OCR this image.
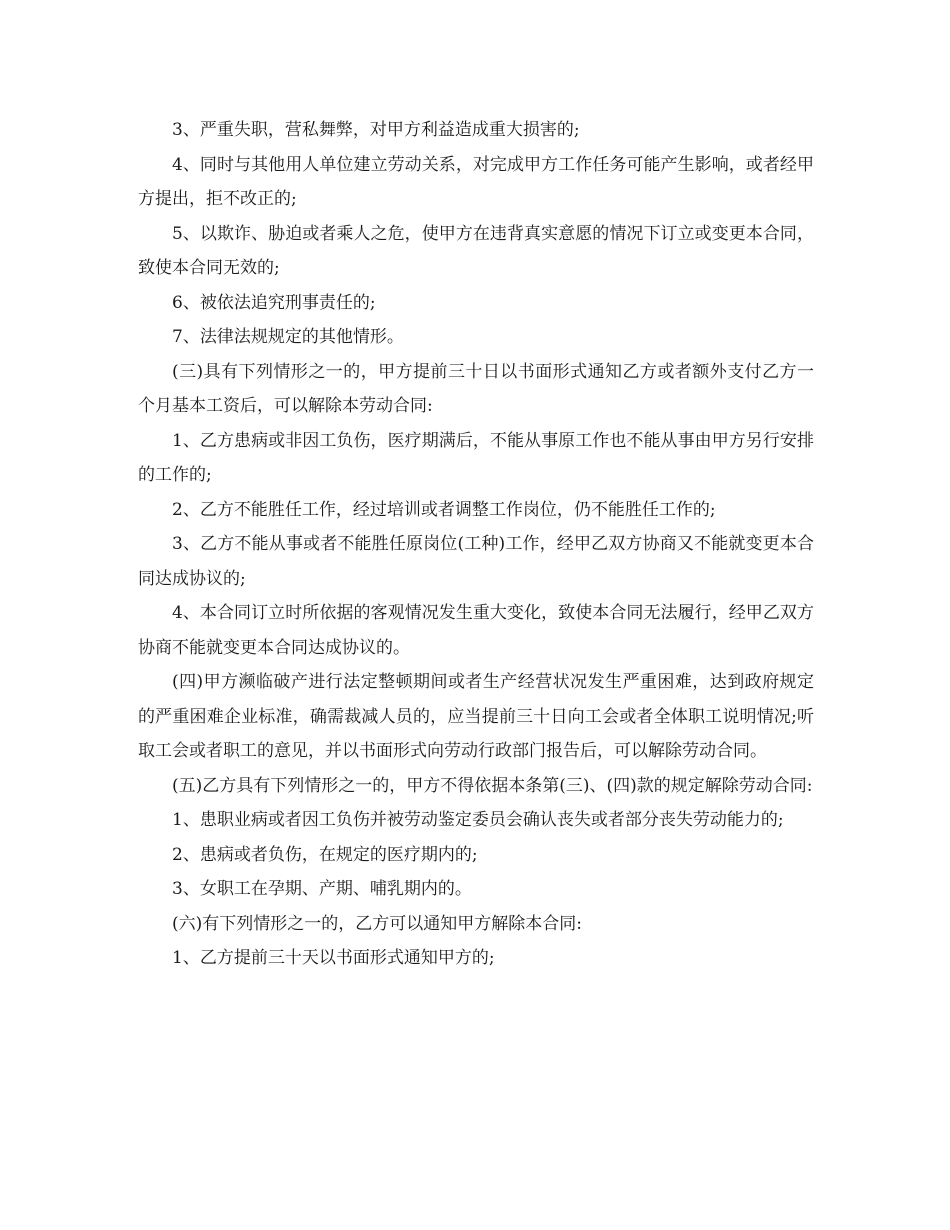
3、严重失职，营私舞弊，对甲方利益造成重大损害的;

4、同时与其他用人单位建立劳动关系，对完成甲方工作任务可能产生影响，或者经甲方提出，拒不改正的;

5、以欺诈、胁迫或者乘人之危，使甲方在违背真实意愿的情况下订立或变更本合同，致使本合同无效的;

6、被依法追究刑事责任的;

7、法律法规规定的其他情形。

(三)具有下列情形之一的，甲方提前三十日以书面形式通知乙方或者额外支付乙方一个月基本工资后，可以解除本劳动合同:

1、乙方患病或非因工负伤，医疗期满后，不能从事原工作也不能从事由甲方另行安排的工作的;

2、乙方不能胜任工作，经过培训或者调整工作岗位，仍不能胜任工作的;

3、乙方不能从事或者不能胜任原岗位(工种)工作，经甲乙双方协商又不能就变更本合同达成协议的;

4、本合同订立时所依据的客观情况发生重大变化，致使本合同无法履行，经甲乙双方协商不能就变更本合同达成协议的。

(四)甲方濒临破产进行法定整顿期间或者生产经营状况发生严重困难，达到政府规定的严重困难企业标准，确需裁减人员的，应当提前三十日向工会或者全体职工说明情况;听取工会或者职工的意见，并以书面形式向劳动行政部门报告后，可以解除劳动合同。

(五)乙方具有下列情形之一的，甲方不得依据本条第(三)、(四)款的规定解除劳动合同:

1、患职业病或者因工负伤并被劳动鉴定委员会确认丧失或者部分丧失劳动能力的;

2、患病或者负伤，在规定的医疗期内的;

3、女职工在孕期、产期、哺乳期内的。

(六)有下列情形之一的，乙方可以通知甲方解除本合同:

1、乙方提前三十天以书面形式通知甲方的;
